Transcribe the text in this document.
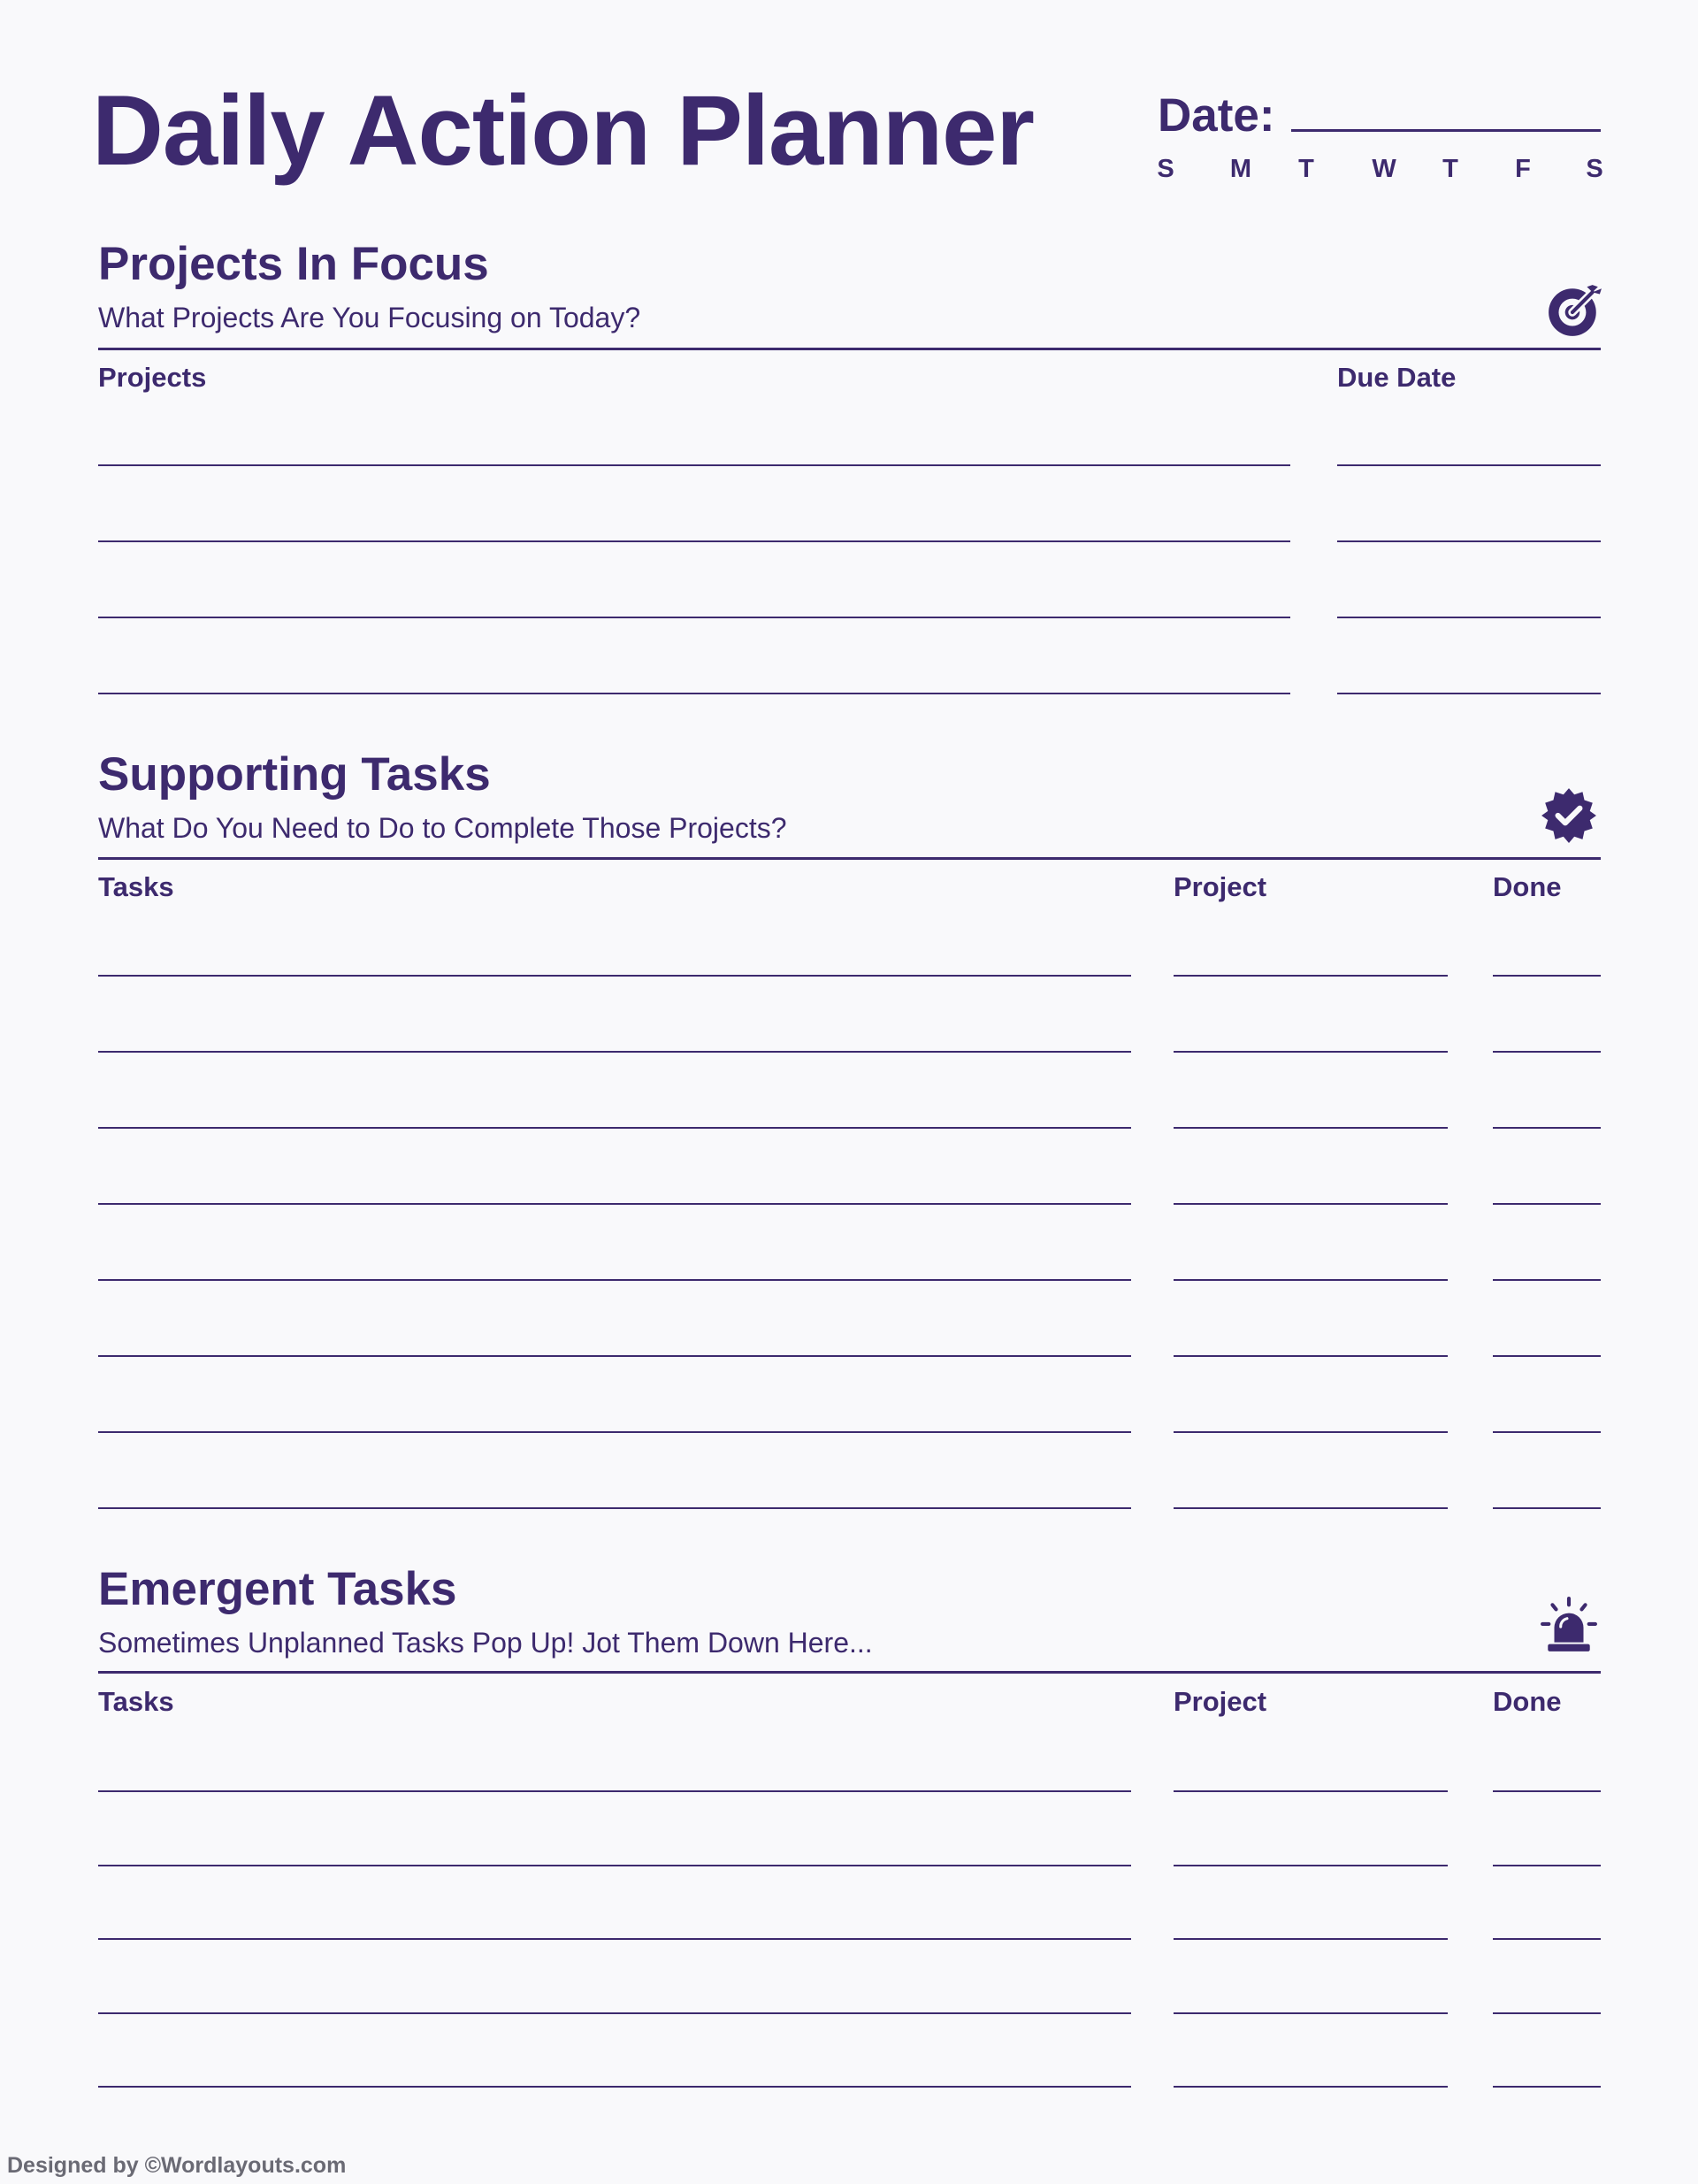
Daily Action Planner	Date:
S M T W T F S
Projects In Focus
What Projects Are You Focusing on Today?
Projects	Due Date
Supporting Tasks
What Do You Need to Do to Complete Those Projects?
Tasks	Project	Done
Emergent Tasks
Sometimes Unplanned Tasks Pop Up! Jot Them Down Here...
Tasks	Project	Done
Designed by ©Wordlayouts.com
